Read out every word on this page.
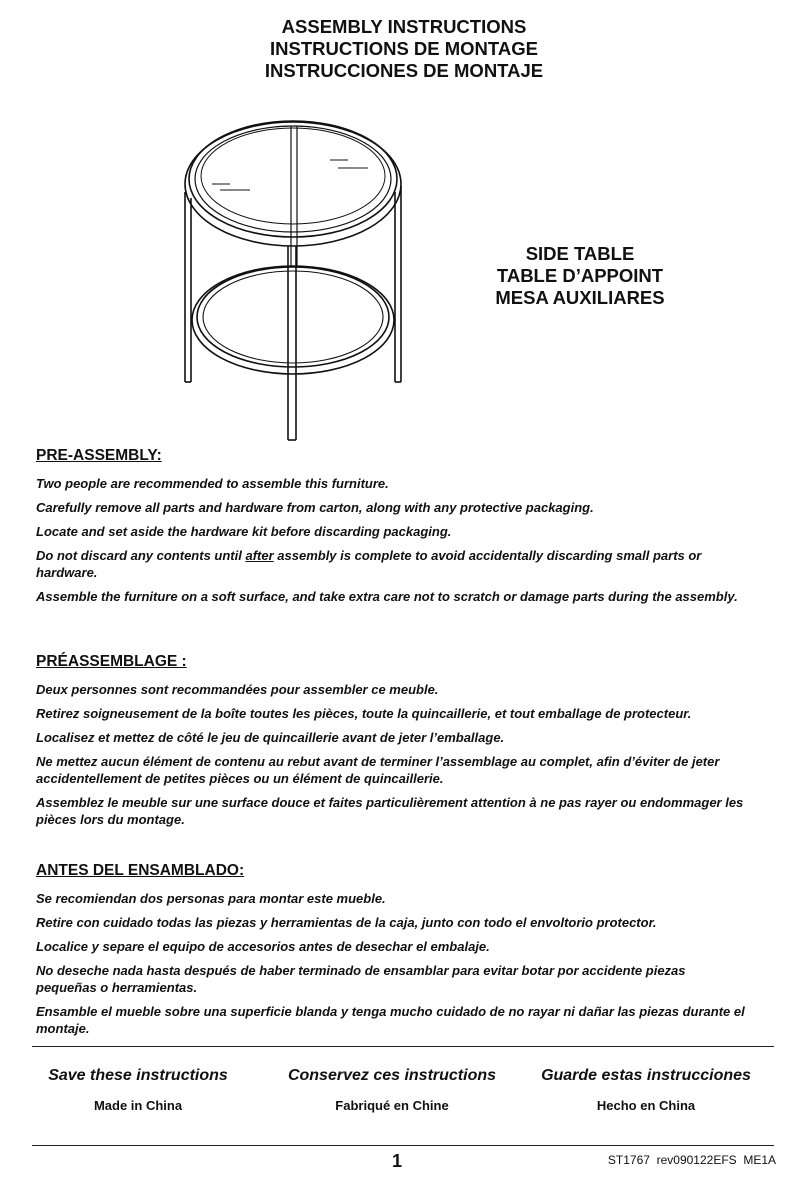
ASSEMBLY INSTRUCTIONS
INSTRUCTIONS DE MONTAGE
INSTRUCCIONES DE MONTAJE
SIDE TABLE
TABLE D’APPOINT
MESA AUXILIARES

PRE-ASSEMBLY:

Two people are recommended to assemble this furniture.

Carefully remove all parts and hardware from carton, along with any protective packaging.

Locate and set aside the hardware kit before discarding packaging.

Do not discard any contents until after assembly is complete to avoid accidentally discarding small parts or hardware.

Assemble the furniture on a soft surface, and take extra care not to scratch or damage parts during the assembly.

PRÉASSEMBLAGE :

Deux personnes sont recommandées pour assembler ce meuble.

Retirez soigneusement de la boîte toutes les pièces, toute la quincaillerie, et tout emballage de protecteur.

Localisez et mettez de côté le jeu de quincaillerie avant de jeter l’emballage.

Ne mettez aucun élément de contenu au rebut avant de terminer l’assemblage au complet, afin d’éviter de jeter accidentellement de petites pièces ou un élément de quincaillerie.

Assemblez le meuble sur une surface douce et faites particulièrement attention à ne pas rayer ou endommager les pièces lors du montage.

ANTES DEL ENSAMBLADO:

Se recomiendan dos personas para montar este mueble.

Retire con cuidado todas las piezas y herramientas de la caja, junto con todo el envoltorio protector.

Localice y separe el equipo de accesorios antes de desechar el embalaje.

No deseche nada hasta después de haber terminado de ensamblar para evitar botar por accidente piezas pequeñas o herramientas.

Ensamble el mueble sobre una superficie blanda y tenga mucho cuidado de no rayar ni dañar las piezas durante el montaje.

Save these instructions	Conservez ces instructions	Guarde estas instrucciones
Made in China	Fabriqué en Chine	Hecho en China
1	ST1767  rev090122EFS  ME1A
